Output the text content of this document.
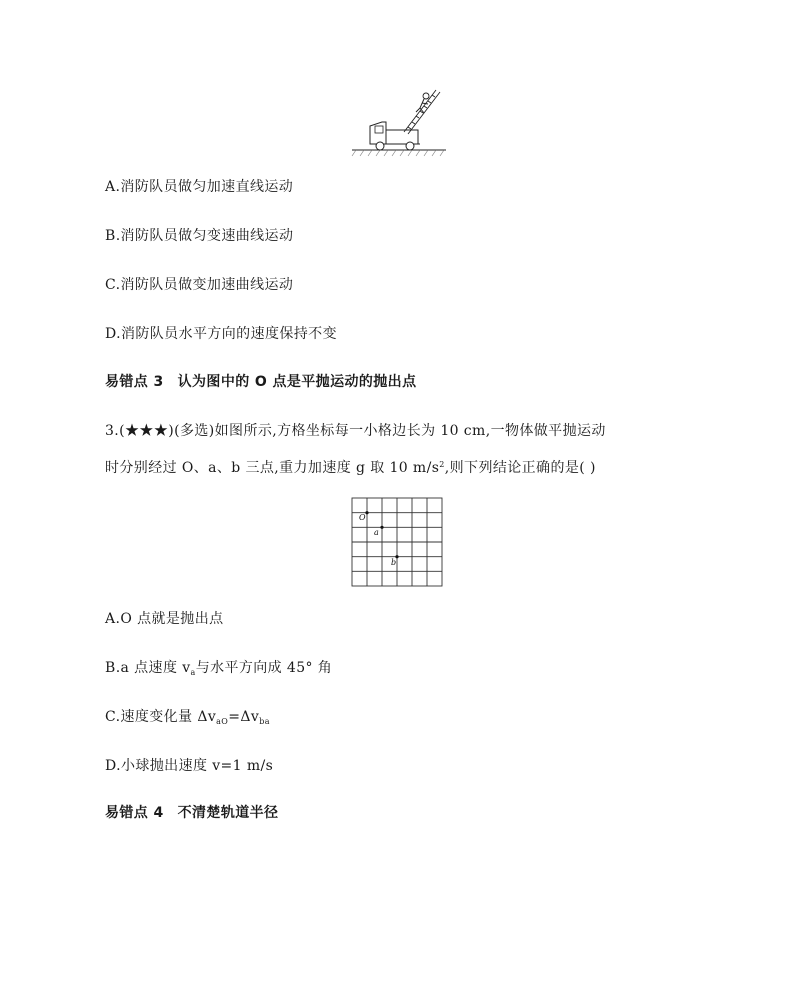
A.消防队员做匀加速直线运动
B.消防队员做匀变速曲线运动
C.消防队员做变加速曲线运动
D.消防队员水平方向的速度保持不变
易错点 3 认为图中的 O 点是平抛运动的抛出点
3.(★★★)(多选)如图所示,方格坐标每一小格边长为 10 cm,一物体做平抛运动
时分别经过 O、a、b 三点,重力加速度 g 取 10 $m/s^2$,则下列结论正确的是( )
O
a
b
A.O 点就是抛出点
B.a 点速度 $v_a$与水平方向成 45° 角
C.速度变化量 $\Delta v_{aO}=\Delta v_{ba}$
D.小球抛出速度 v=1 m/s
易错点 4 不清楚轨道半径
